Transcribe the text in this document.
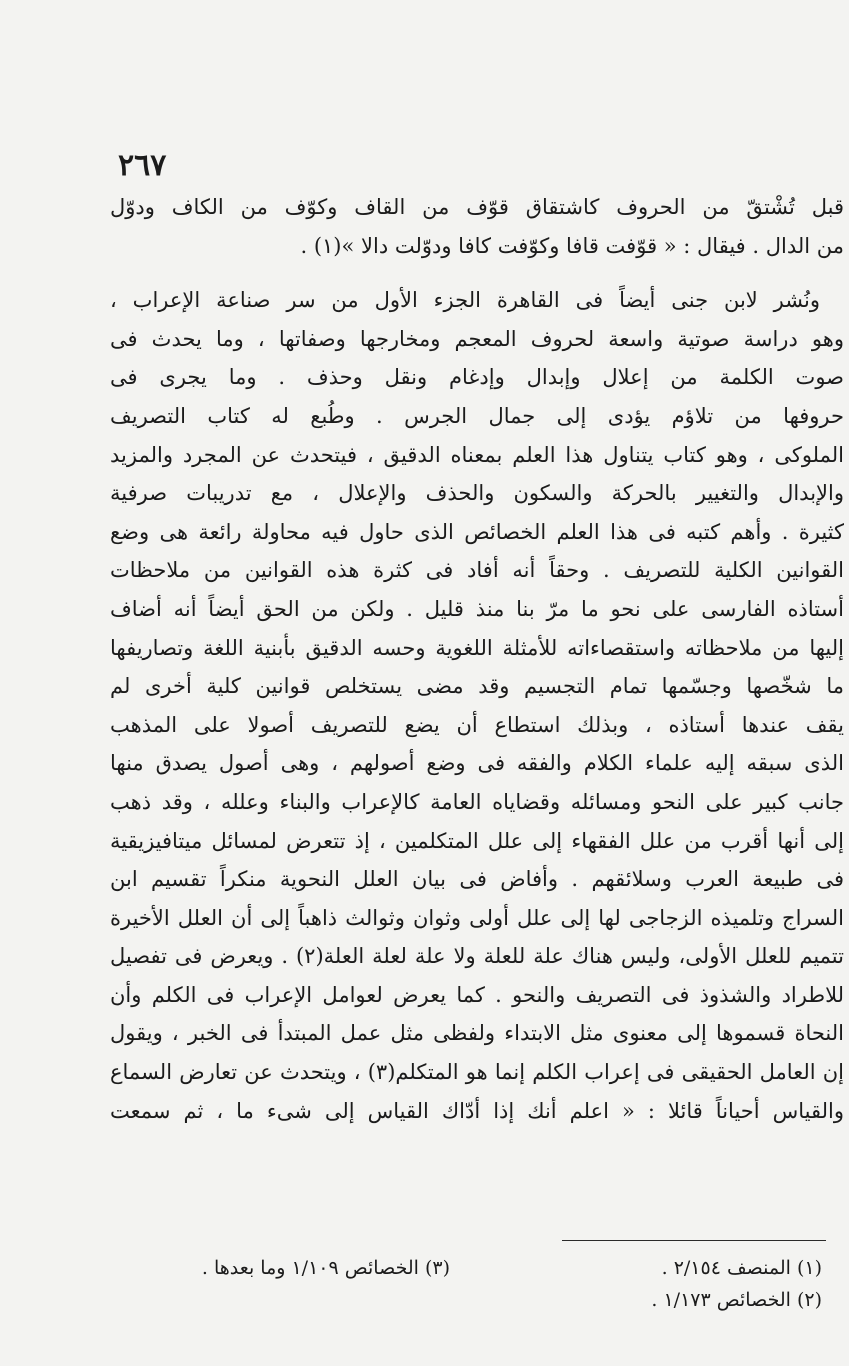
٢٦٧
قبل تُشْتقّ من الحروف كاشتقاق قوّف من القاف وكوّف من الكاف ودوّل
من الدال . فيقال : « قوّفت قافا وكوّفت كافا ودوّلت دالا »(١) .
ونُشر لابن جنى أيضاً فى القاهرة الجزء الأول من سر صناعة الإعراب ،
وهو دراسة صوتية واسعة لحروف المعجم ومخارجها وصفاتها ، وما يحدث فى
صوت الكلمة من إعلال وإبدال وإدغام ونقل وحذف . وما يجرى فى
حروفها من تلاؤم يؤدى إلى جمال الجرس . وطُبع له كتاب التصريف
الملوكى ، وهو كتاب يتناول هذا العلم بمعناه الدقيق ، فيتحدث عن المجرد والمزيد
والإبدال والتغيير بالحركة والسكون والحذف والإعلال ، مع تدريبات صرفية
كثيرة . وأهم كتبه فى هذا العلم الخصائص الذى حاول فيه محاولة رائعة هى وضع
القوانين الكلية للتصريف . وحقاً أنه أفاد فى كثرة هذه القوانين من ملاحظات
أستاذه الفارسى على نحو ما مرّ بنا منذ قليل . ولكن من الحق أيضاً أنه أضاف
إليها من ملاحظاته واستقصاءاته للأمثلة اللغوية وحسه الدقيق بأبنية اللغة وتصاريفها
ما شخّصها وجسّمها تمام التجسيم وقد مضى يستخلص قوانين كلية أخرى لم
يقف عندها أستاذه ، وبذلك استطاع أن يضع للتصريف أصولا على المذهب
الذى سبقه إليه علماء الكلام والفقه فى وضع أصولهم ، وهى أصول يصدق منها
جانب كبير على النحو ومسائله وقضاياه العامة كالإعراب والبناء وعلله ، وقد ذهب
إلى أنها أقرب من علل الفقهاء إلى علل المتكلمين ، إذ تتعرض لمسائل ميتافيزيقية
فى طبيعة العرب وسلائقهم . وأفاض فى بيان العلل النحوية منكراً تقسيم ابن
السراج وتلميذه الزجاجى لها إلى علل أولى وثوان وثوالث ذاهباً إلى أن العلل الأخيرة
تتميم للعلل الأولى، وليس هناك علة للعلة ولا علة لعلة العلة(٢) . ويعرض فى تفصيل
للاطراد والشذوذ فى التصريف والنحو . كما يعرض لعوامل الإعراب فى الكلم وأن
النحاة قسموها إلى معنوى مثل الابتداء ولفظى مثل عمل المبتدأ فى الخبر ، ويقول
إن العامل الحقيقى فى إعراب الكلم إنما هو المتكلم(٣) ، ويتحدث عن تعارض السماع
والقياس أحياناً قائلا : « اعلم أنك إذا أدّاك القياس إلى شىء ما ، ثم سمعت
(١) المنصف ٢/١٥٤ .
(٣) الخصائص ١/١٠٩ وما بعدها .
(٢) الخصائص ١/١٧٣ .
